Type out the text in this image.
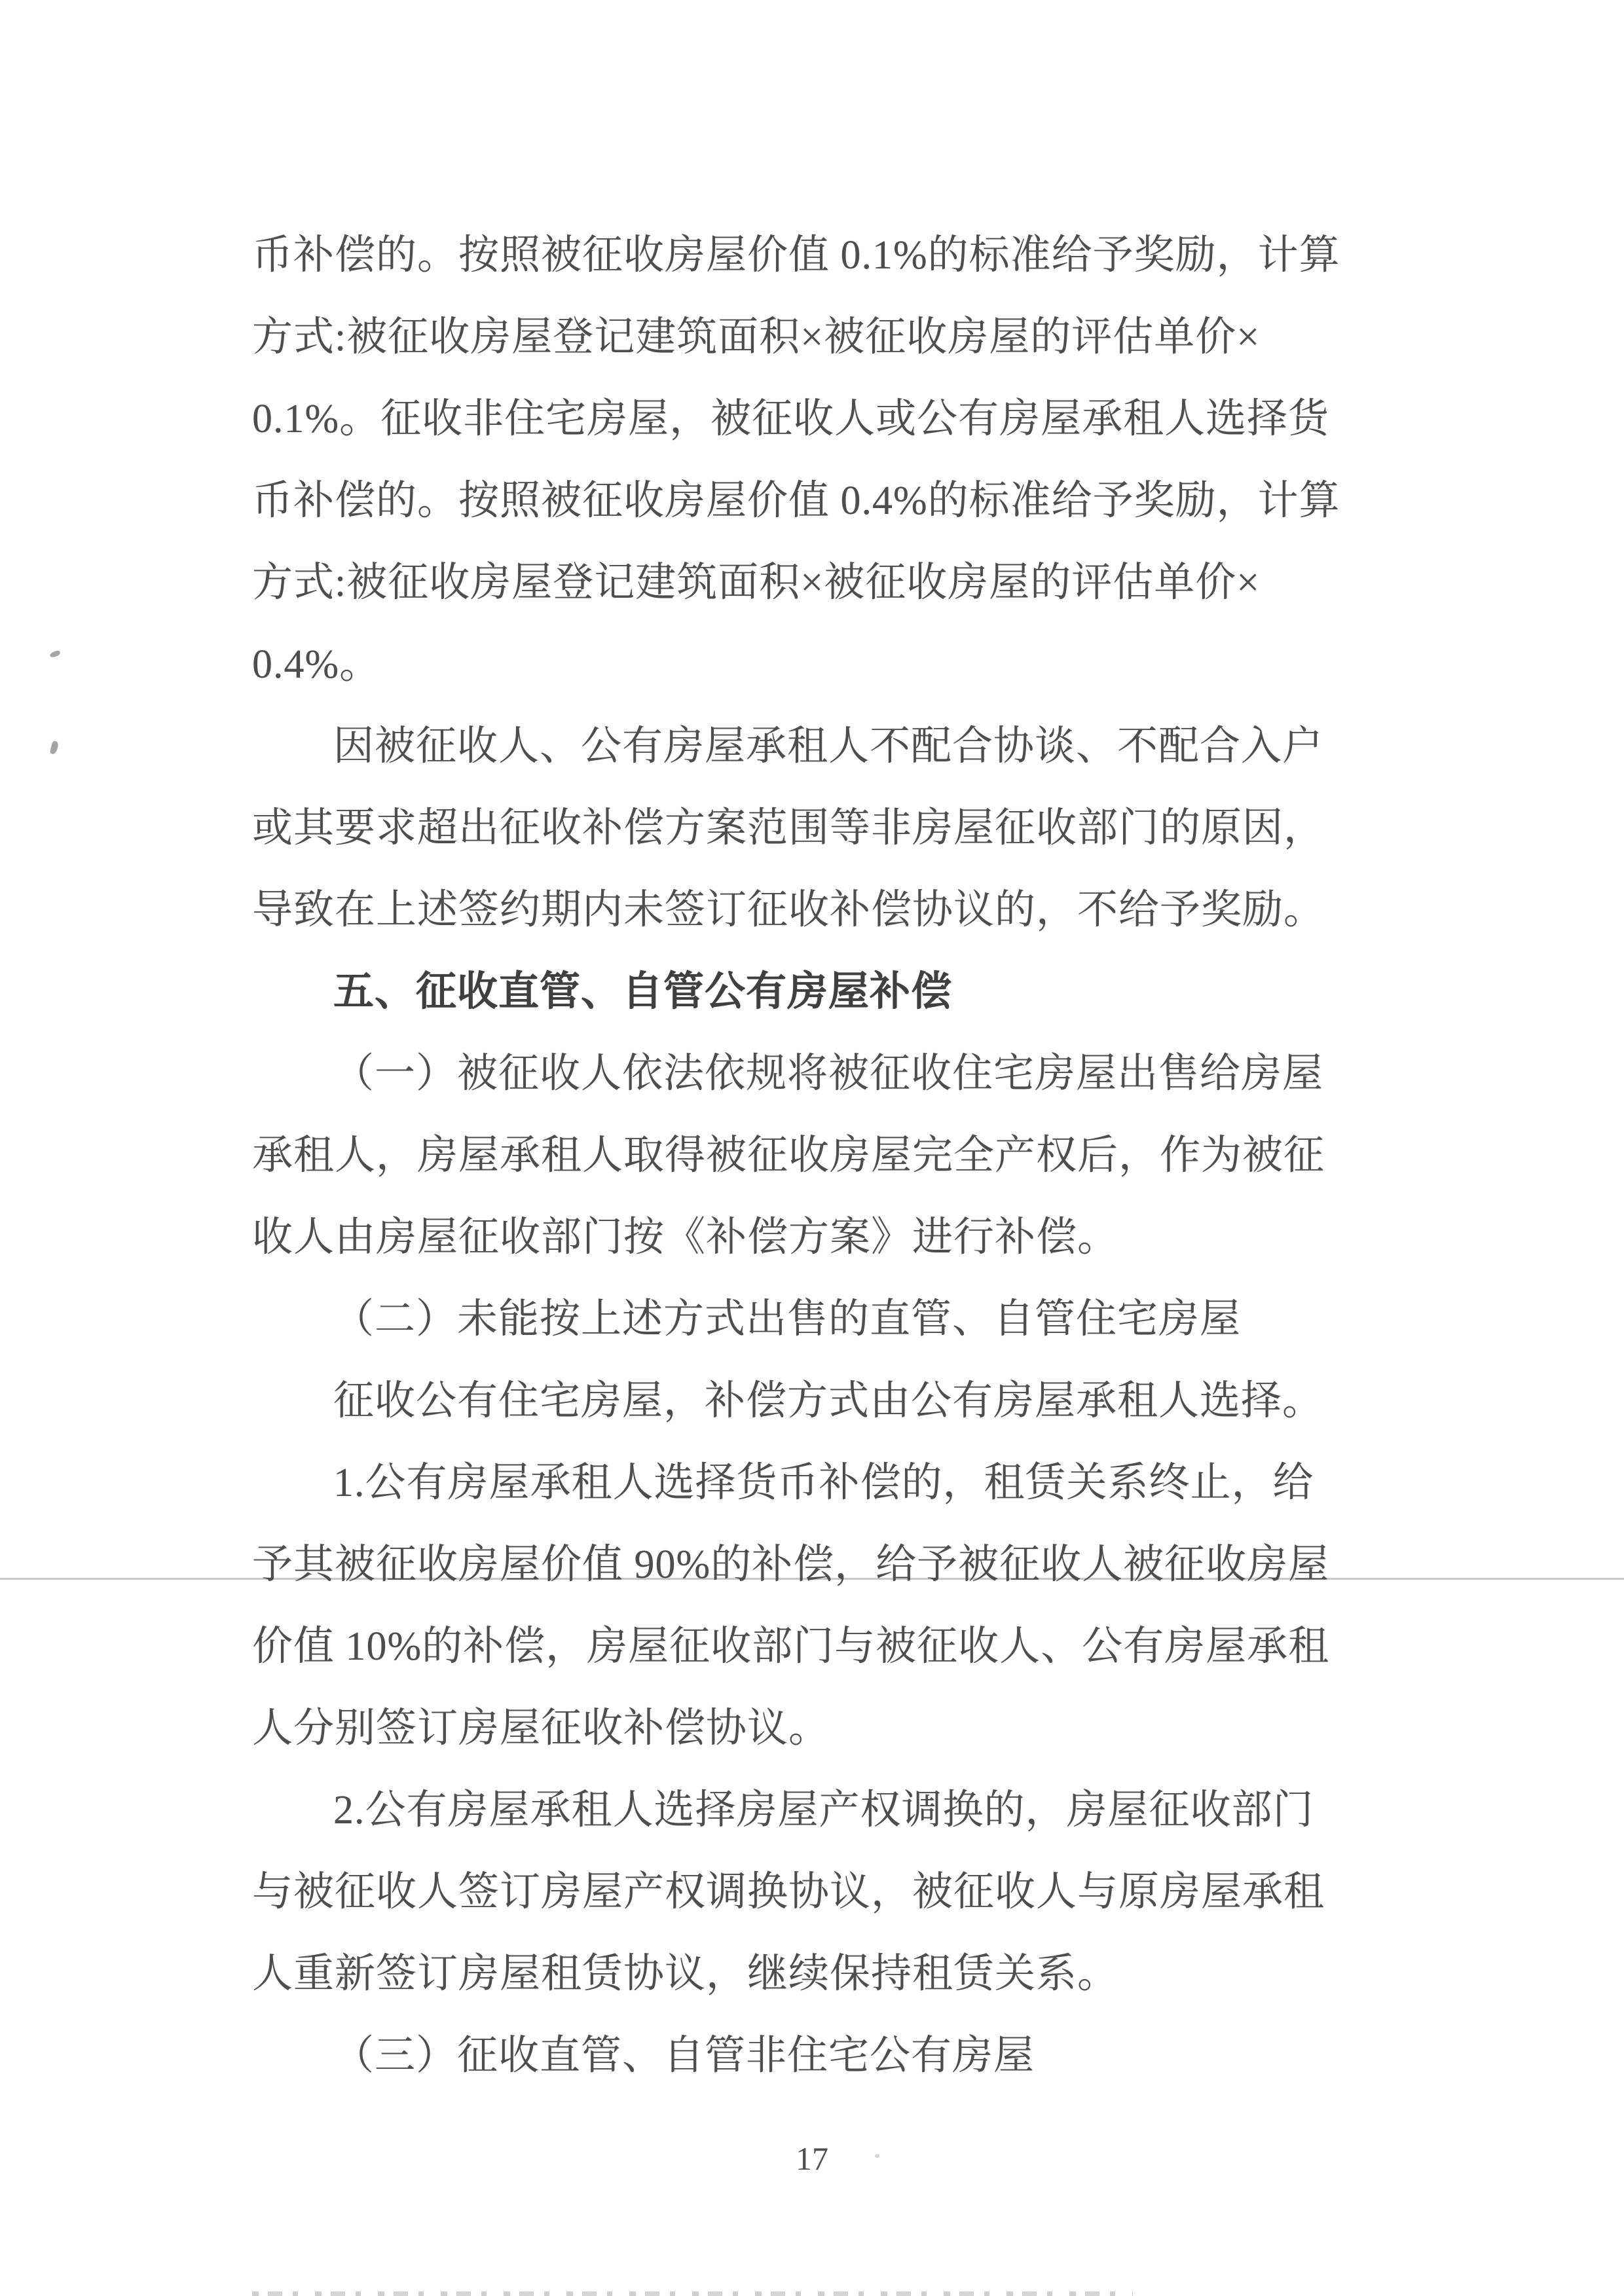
币补偿的。按照被征收房屋价值 0.1%的标准给予奖励，计算
方式:被征收房屋登记建筑面积×被征收房屋的评估单价×
0.1%。征收非住宅房屋，被征收人或公有房屋承租人选择货
币补偿的。按照被征收房屋价值 0.4%的标准给予奖励，计算
方式:被征收房屋登记建筑面积×被征收房屋的评估单价×
0.4%。
因被征收人、公有房屋承租人不配合协谈、不配合入户
或其要求超出征收补偿方案范围等非房屋征收部门的原因，
导致在上述签约期内未签订征收补偿协议的，不给予奖励。
五、征收直管、自管公有房屋补偿
（一）被征收人依法依规将被征收住宅房屋出售给房屋
承租人，房屋承租人取得被征收房屋完全产权后，作为被征
收人由房屋征收部门按《补偿方案》进行补偿。
（二）未能按上述方式出售的直管、自管住宅房屋
征收公有住宅房屋，补偿方式由公有房屋承租人选择。
1.公有房屋承租人选择货币补偿的，租赁关系终止，给
予其被征收房屋价值 90%的补偿，给予被征收人被征收房屋
价值 10%的补偿，房屋征收部门与被征收人、公有房屋承租
人分别签订房屋征收补偿协议。
2.公有房屋承租人选择房屋产权调换的，房屋征收部门
与被征收人签订房屋产权调换协议，被征收人与原房屋承租
人重新签订房屋租赁协议，继续保持租赁关系。
（三）征收直管、自管非住宅公有房屋
17
